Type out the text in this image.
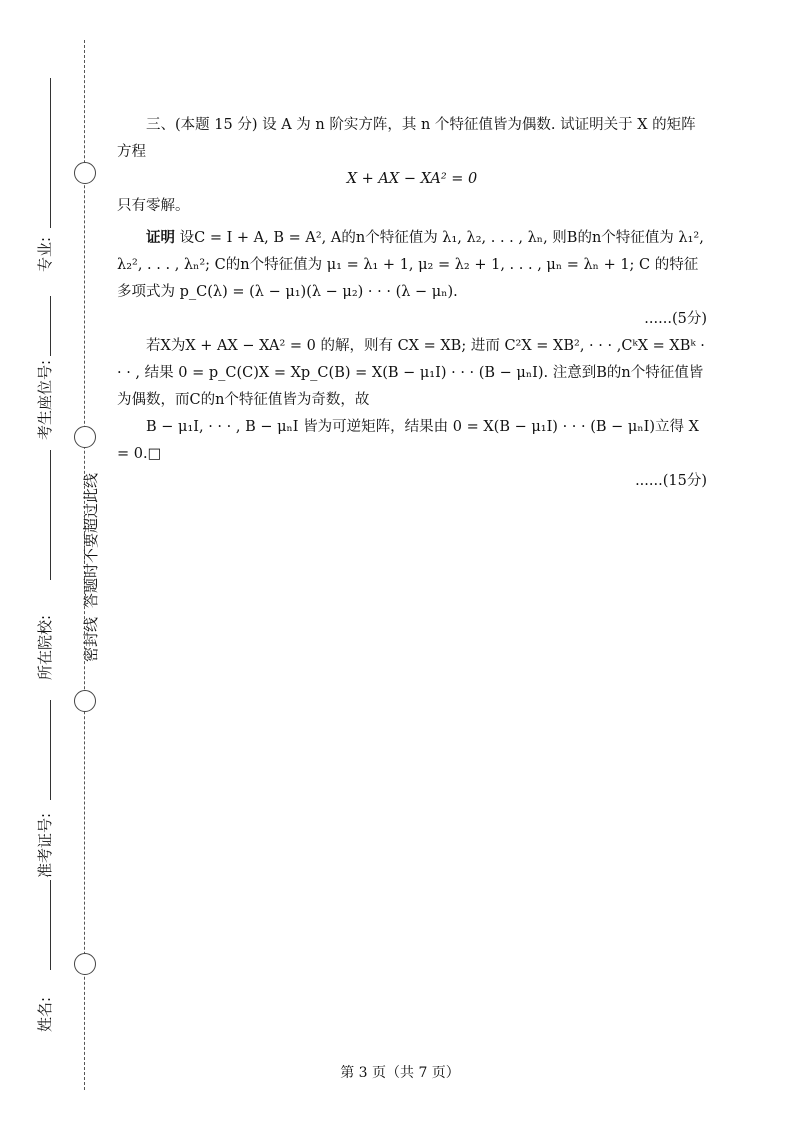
专业:
考生座位号:
所在院校:
准考证号:
姓名:
答题时不要超过此线
密封线

三、(本题 15 分) 设 A 为 n 阶实方阵，其 n 个特征值皆为偶数. 试证明关于 X 的矩阵方程

X + AX − XA² = 0

只有零解。

证明 设C = I + A, B = A², A的n个特征值为 λ₁, λ₂, . . . , λₙ, 则B的n个特征值为 λ₁², λ₂², . . . , λₙ²; C的n个特征值为 μ₁ = λ₁ + 1, μ₂ = λ₂ + 1, . . . , μₙ = λₙ + 1; C 的特征多项式为 p_C(λ) = (λ − μ₁)(λ − μ₂) · · · (λ − μₙ).

......(5分)

若X为X + AX − XA² = 0 的解，则有 CX = XB; 进而 C²X = XB², · · · ,CᵏX = XBᵏ · · · , 结果 0 = p_C(C)X = Xp_C(B) = X(B − μ₁I) · · · (B − μₙI). 注意到B的n个特征值皆为偶数，而C的n个特征值皆为奇数，故

B − μ₁I, · · · , B − μₙI 皆为可逆矩阵，结果由 0 = X(B − μ₁I) · · · (B − μₙI)立得 X = 0.□

......(15分)

第 3 页（共 7 页）
